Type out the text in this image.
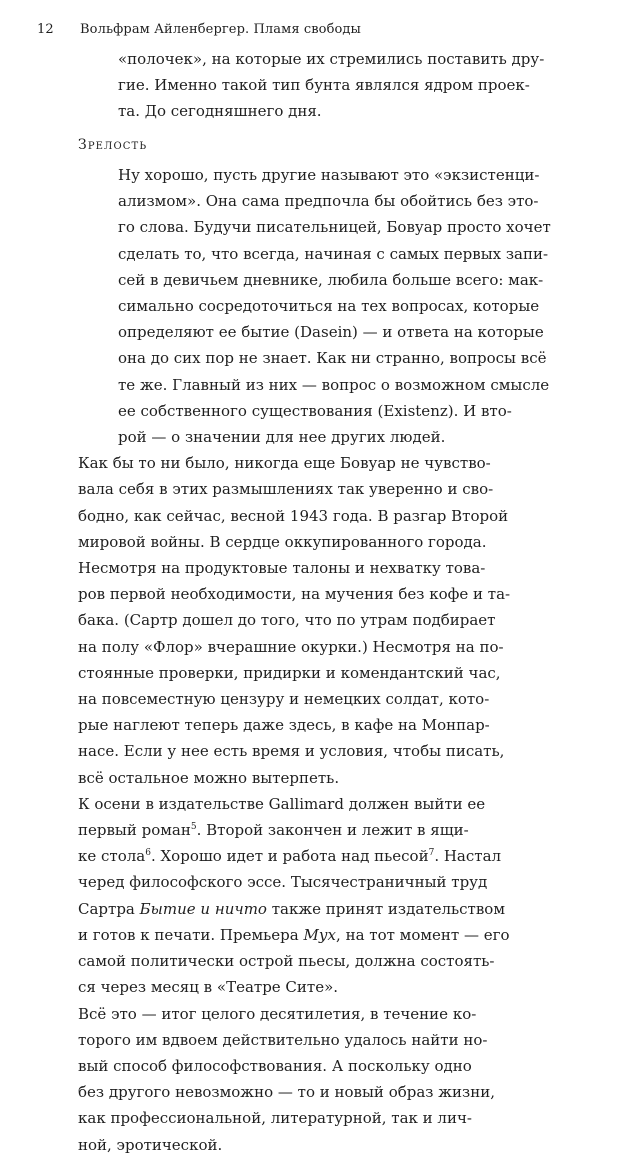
12 Вольфрам Айленбергер. Пламя свободы
«полочек», на которые их стремились поставить дру-
гие. Именно такой тип бунта являлся ядром проек-
та. До сегодняшнего дня.
Зрелость
Ну хорошо, пусть другие называют это «экзистенци-
ализмом». Она сама предпочла бы обойтись без это-
го слова. Будучи писательницей, Бовуар просто хочет
сделать то, что всегда, начиная с самых первых запи-
сей в девичьем дневнике, любила больше всего: мак-
симально сосредоточиться на тех вопросах, которые
определяют ее бытие (Dasein) — и ответа на которые
она до сих пор не знает. Как ни странно, вопросы всё
те же. Главный из них — вопрос о возможном смысле
ее собственного существования (Existenz). И вто-
рой — о значении для нее других людей.
Как бы то ни было, никогда еще Бовуар не чувство-
вала себя в этих размышлениях так уверенно и сво-
бодно, как сейчас, весной 1943 года. В разгар Второй
мировой войны. В сердце оккупированного города.
Несмотря на продуктовые талоны и нехватку това-
ров первой необходимости, на мучения без кофе и та-
бака. (Сартр дошел до того, что по утрам подбирает
на полу «Флор» вчерашние окурки.) Несмотря на по-
стоянные проверки, придирки и комендантский час,
на повсеместную цензуру и немецких солдат, кото-
рые наглеют теперь даже здесь, в кафе на Монпар-
насе. Если у нее есть время и условия, чтобы писать,
всё остальное можно вытерпеть.
К осени в издательстве Gallimard должен выйти ее
первый роман$^5$. Второй закончен и лежит в ящи-
ке стола$^6$. Хорошо идет и работа над пьесой$^7$. Настал
черед философского эссе. Тысячестраничный труд
Сартра Бытие и ничто также принят издательством
и готов к печати. Премьера Мух, на тот момент — его
самой политически острой пьесы, должна состоять-
ся через месяц в «Театре Сите».
Всё это — итог целого десятилетия, в течение ко-
торого им вдвоем действительно удалось найти но-
вый способ философствования. А поскольку одно
без другого невозможно — то и новый образ жизни,
как профессиональной, литературной, так и лич-
ной, эротической.
